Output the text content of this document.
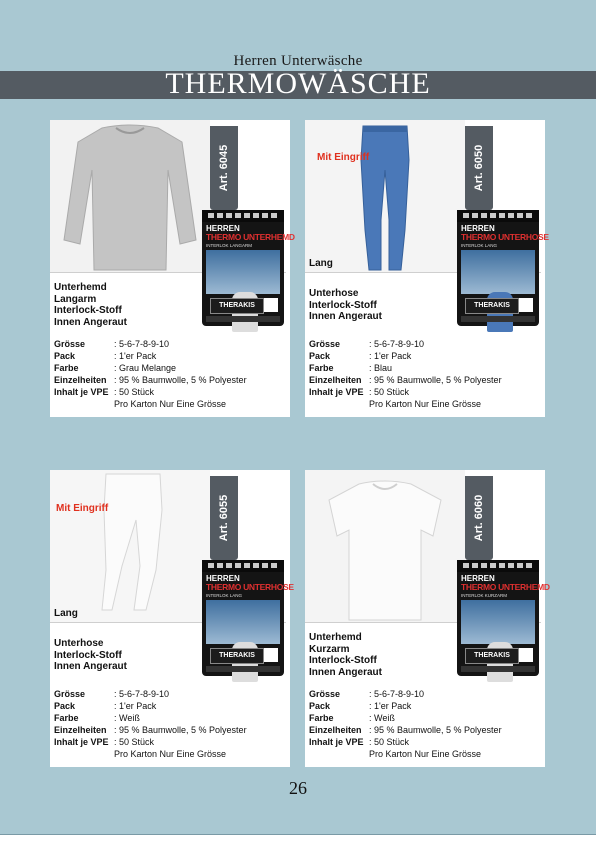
Herren Unterwäsche
THERMOWÄSCHE
Art. 6045
HERREN
THERMO UNTERHEMD
INTERLOK LANGARM
THERAKIS
Unterhemd
Langarm
Interlock-Stoff
Innen Angeraut
Grösse	: 5-6-7-8-9-10
Pack	: 1'er Pack
Farbe	: Grau Melange
Einzelheiten : 95 % Baumwolle, 5 % Polyester
Inhalt je VPE : 50 Stück
Pro Karton Nur Eine Grösse
Mit Eingriff
Lang
Art. 6050
HERREN
THERMO UNTERHOSE
INTERLOK LANG
THERAKIS
Unterhose
Interlock-Stoff
Innen Angeraut
Grösse	: 5-6-7-8-9-10
Pack	: 1'er Pack
Farbe	: Blau
Einzelheiten : 95 % Baumwolle, 5 % Polyester
Inhalt je VPE : 50 Stück
Pro Karton Nur Eine Grösse
Mit Eingriff
Lang
Art. 6055
HERREN
THERMO UNTERHOSE
INTERLOK LANG
THERAKIS
Unterhose
Interlock-Stoff
Innen Angeraut
Grösse	: 5-6-7-8-9-10
Pack	: 1'er Pack
Farbe	: Weiß
Einzelheiten : 95 % Baumwolle, 5 % Polyester
Inhalt je VPE : 50 Stück
Pro Karton Nur Eine Grösse
Art. 6060
HERREN
THERMO UNTERHEMD
INTERLOK KURZARM
THERAKIS
Unterhemd
Kurzarm
Interlock-Stoff
Innen Angeraut
Grösse	: 5-6-7-8-9-10
Pack	: 1'er Pack
Farbe	: Weiß
Einzelheiten : 95 % Baumwolle, 5 % Polyester
Inhalt je VPE : 50 Stück
Pro Karton Nur Eine Grösse
26
